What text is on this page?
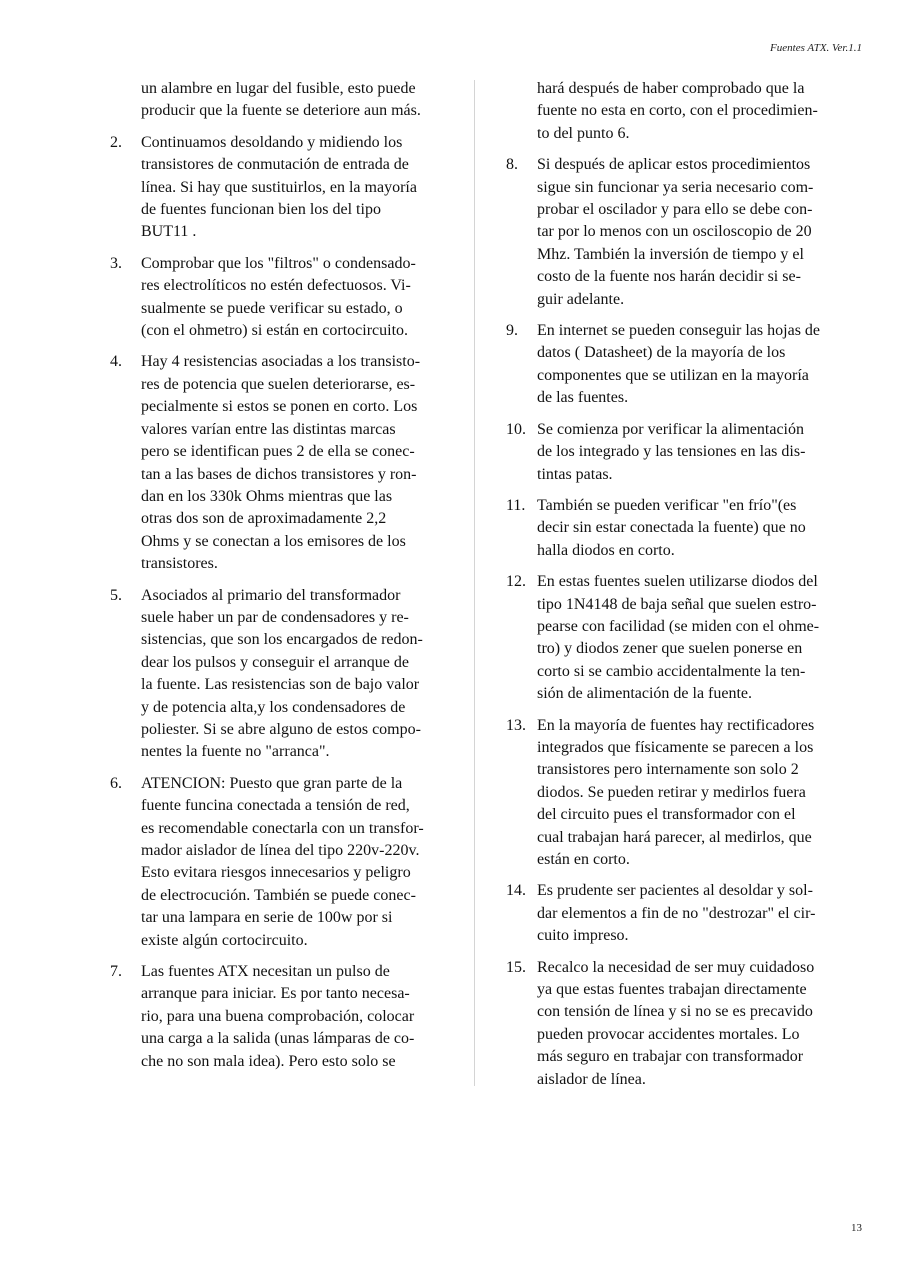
Fuentes ATX. Ver.1.1

un alambre en lugar del fusible, esto puede
producir que la fuente se deteriore aun más.

2.	Continuamos desoldando y midiendo los
transistores de conmutación de entrada de
línea. Si hay que sustituirlos, en la mayoría
de fuentes funcionan bien los del tipo
BUT11 .

3.	Comprobar que los "filtros" o condensado-
res electrolíticos no estén defectuosos. Vi-
sualmente se puede verificar su estado, o
(con el ohmetro) si están en cortocircuito.

4.	Hay 4 resistencias asociadas a los transisto-
res de potencia que suelen deteriorarse, es-
pecialmente si estos se ponen en corto. Los
valores varían entre las distintas marcas
pero se identifican pues 2 de ella se conec-
tan a las bases de dichos transistores y ron-
dan en los 330k Ohms mientras que las
otras dos son de aproximadamente 2,2
Ohms y se conectan a los emisores de los
transistores.

5.	Asociados al primario del transformador
suele haber un par de condensadores y re-
sistencias, que son los encargados de redon-
dear los pulsos y conseguir el arranque de
la fuente. Las resistencias son de bajo valor
y de potencia alta,y los condensadores de
poliester. Si se abre alguno de estos compo-
nentes la fuente no "arranca".

6.	ATENCION: Puesto que gran parte de la
fuente funcina conectada a tensión de red,
es recomendable conectarla con un transfor-
mador aislador de línea del tipo 220v-220v.
Esto evitara riesgos innecesarios y peligro
de electrocución. También se puede conec-
tar una lampara en serie de 100w por si
existe algún cortocircuito.

7.	Las fuentes ATX necesitan un pulso de
arranque para iniciar. Es por tanto necesa-
rio, para una buena comprobación, colocar
una carga a la salida (unas lámparas de co-
che no son mala idea). Pero esto solo se

hará después de haber comprobado que la
fuente no esta en corto, con el procedimien-
to del punto 6.

8.	Si después de aplicar estos procedimientos
sigue sin funcionar ya seria necesario com-
probar el oscilador y para ello se debe con-
tar por lo menos con un osciloscopio de 20
Mhz. También la inversión de tiempo y el
costo de la fuente nos harán decidir si se-
guir adelante.

9.	En internet se pueden conseguir las hojas de
datos ( Datasheet) de la mayoría de los
componentes que se utilizan en la mayoría
de las fuentes.

10. Se comienza por verificar la alimentación
de los integrado y las tensiones en las dis-
tintas patas.

11. También se pueden verificar "en frío"(es
decir sin estar conectada la fuente) que no
halla diodos en corto.

12. En estas fuentes suelen utilizarse diodos del
tipo 1N4148 de baja señal que suelen estro-
pearse con facilidad (se miden con el ohme-
tro) y diodos zener que suelen ponerse en
corto si se cambio accidentalmente la ten-
sión de alimentación de la fuente.

13. En la mayoría de fuentes hay rectificadores
integrados que físicamente se parecen a los
transistores pero internamente son solo 2
diodos. Se pueden retirar y medirlos fuera
del circuito pues el transformador con el
cual trabajan hará parecer, al medirlos, que
están en corto.

14. Es prudente ser pacientes al desoldar y sol-
dar elementos a fin de no "destrozar" el cir-
cuito impreso.

15. Recalco la necesidad de ser muy cuidadoso
ya que estas fuentes trabajan directamente
con tensión de línea y si no se es precavido
pueden provocar accidentes mortales. Lo
más seguro en trabajar con transformador
aislador de línea.

13
